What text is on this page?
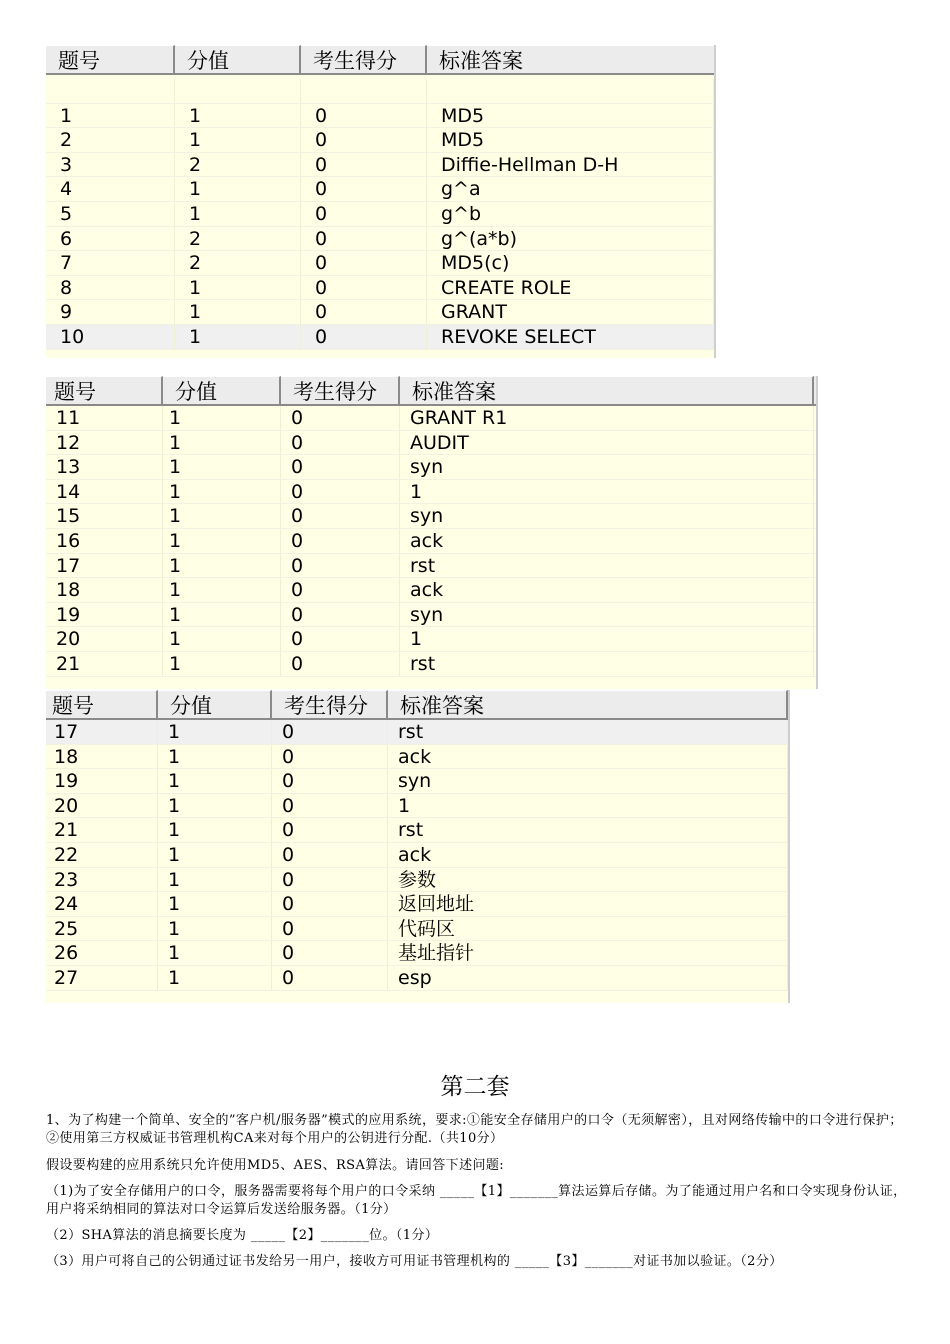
题号	分值	考生得分	标准答案
1	1	0	MD5
2	1	0	MD5
3	2	0	Diffie-Hellman D-H
4	1	0	g^a
5	1	0	g^b
6	2	0	g^(a*b)
7	2	0	MD5(c)
8	1	0	CREATE ROLE
9	1	0	GRANT
10	1	0	REVOKE SELECT
题号	分值	考生得分	标准答案
11	1	0	GRANT R1
12	1	0	AUDIT
13	1	0	syn
14	1	0	1
15	1	0	syn
16	1	0	ack
17	1	0	rst
18	1	0	ack
19	1	0	syn
20	1	0	1
21	1	0	rst
题号	分值	考生得分	标准答案
17	1	0	rst
18	1	0	ack
19	1	0	syn
20	1	0	1
21	1	0	rst
22	1	0	ack
23	1	0	参数
24	1	0	返回地址
25	1	0	代码区
26	1	0	基址指针
27	1	0	esp
第二套
1、为了构建一个简单、安全的”客户机/服务器”模式的应用系统，要求:①能安全存储用户的口令（无须解密），且对网络传输中的口令进行保护；②使用第三方权威证书管理机构CA来对每个用户的公钥进行分配.（共10分）
假设要构建的应用系统只允许使用MD5、AES、RSA算法。请回答下述问题:
（1)为了安全存储用户的口令，服务器需要将每个用户的口令采纳 _____【1】_______算法运算后存储。为了能通过用户名和口令实现身份认证，用户将采纳相同的算法对口令运算后发送给服务器。（1分）
（2）SHA算法的消息摘要长度为 _____【2】_______位。（1分）
（3）用户可将自己的公钥通过证书发给另一用户，接收方可用证书管理机构的 _____【3】_______对证书加以验证。（2分）
